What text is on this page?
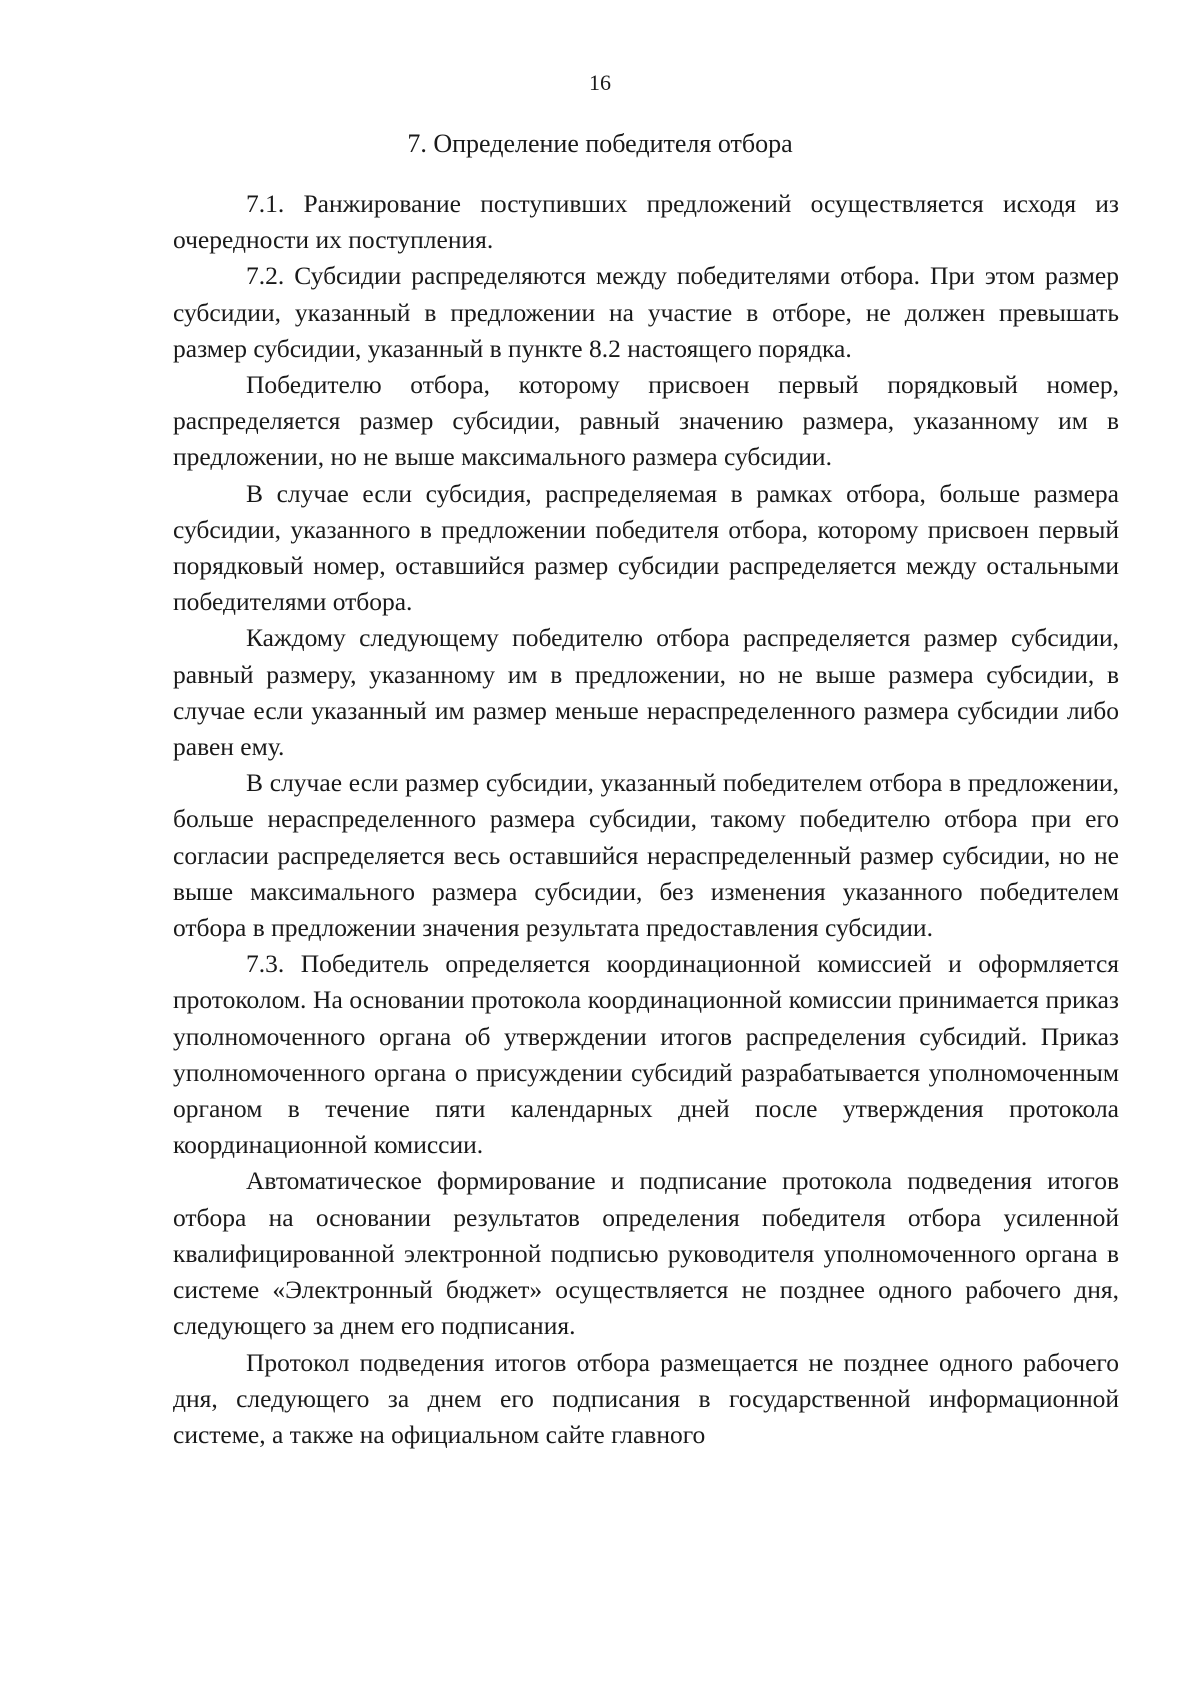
16
7. Определение победителя отбора

7.1. Ранжирование поступивших предложений осуществляется исходя из очередности их поступления.

7.2. Субсидии распределяются между победителями отбора. При этом размер субсидии, указанный в предложении на участие в отборе, не должен превышать размер субсидии, указанный в пункте 8.2 настоящего порядка.

Победителю отбора, которому присвоен первый порядковый номер, распределяется размер субсидии, равный значению размера, указанному им в предложении, но не выше максимального размера субсидии.

В случае если субсидия, распределяемая в рамках отбора, больше размера субсидии, указанного в предложении победителя отбора, которому присвоен первый порядковый номер, оставшийся размер субсидии распределяется между остальными победителями отбора.

Каждому следующему победителю отбора распределяется размер субсидии, равный размеру, указанному им в предложении, но не выше размера субсидии, в случае если указанный им размер меньше нераспределенного размера субсидии либо равен ему.

В случае если размер субсидии, указанный победителем отбора в предложении, больше нераспределенного размера субсидии, такому победителю отбора при его согласии распределяется весь оставшийся нераспределенный размер субсидии, но не выше максимального размера субсидии, без изменения указанного победителем отбора в предложении значения результата предоставления субсидии.

7.3. Победитель определяется координационной комиссией и оформляется протоколом. На основании протокола координационной комиссии принимается приказ уполномоченного органа об утверждении итогов распределения субсидий. Приказ уполномоченного органа о присуждении субсидий разрабатывается уполномоченным органом в течение пяти календарных дней после утверждения протокола координационной комиссии.

Автоматическое формирование и подписание протокола подведения итогов отбора на основании результатов определения победителя отбора усиленной квалифицированной электронной подписью руководителя уполномоченного органа в системе «Электронный бюджет» осуществляется не позднее одного рабочего дня, следующего за днем его подписания.

Протокол подведения итогов отбора размещается не позднее одного рабочего дня, следующего за днем его подписания в государственной информационной системе, а также на официальном сайте главного
